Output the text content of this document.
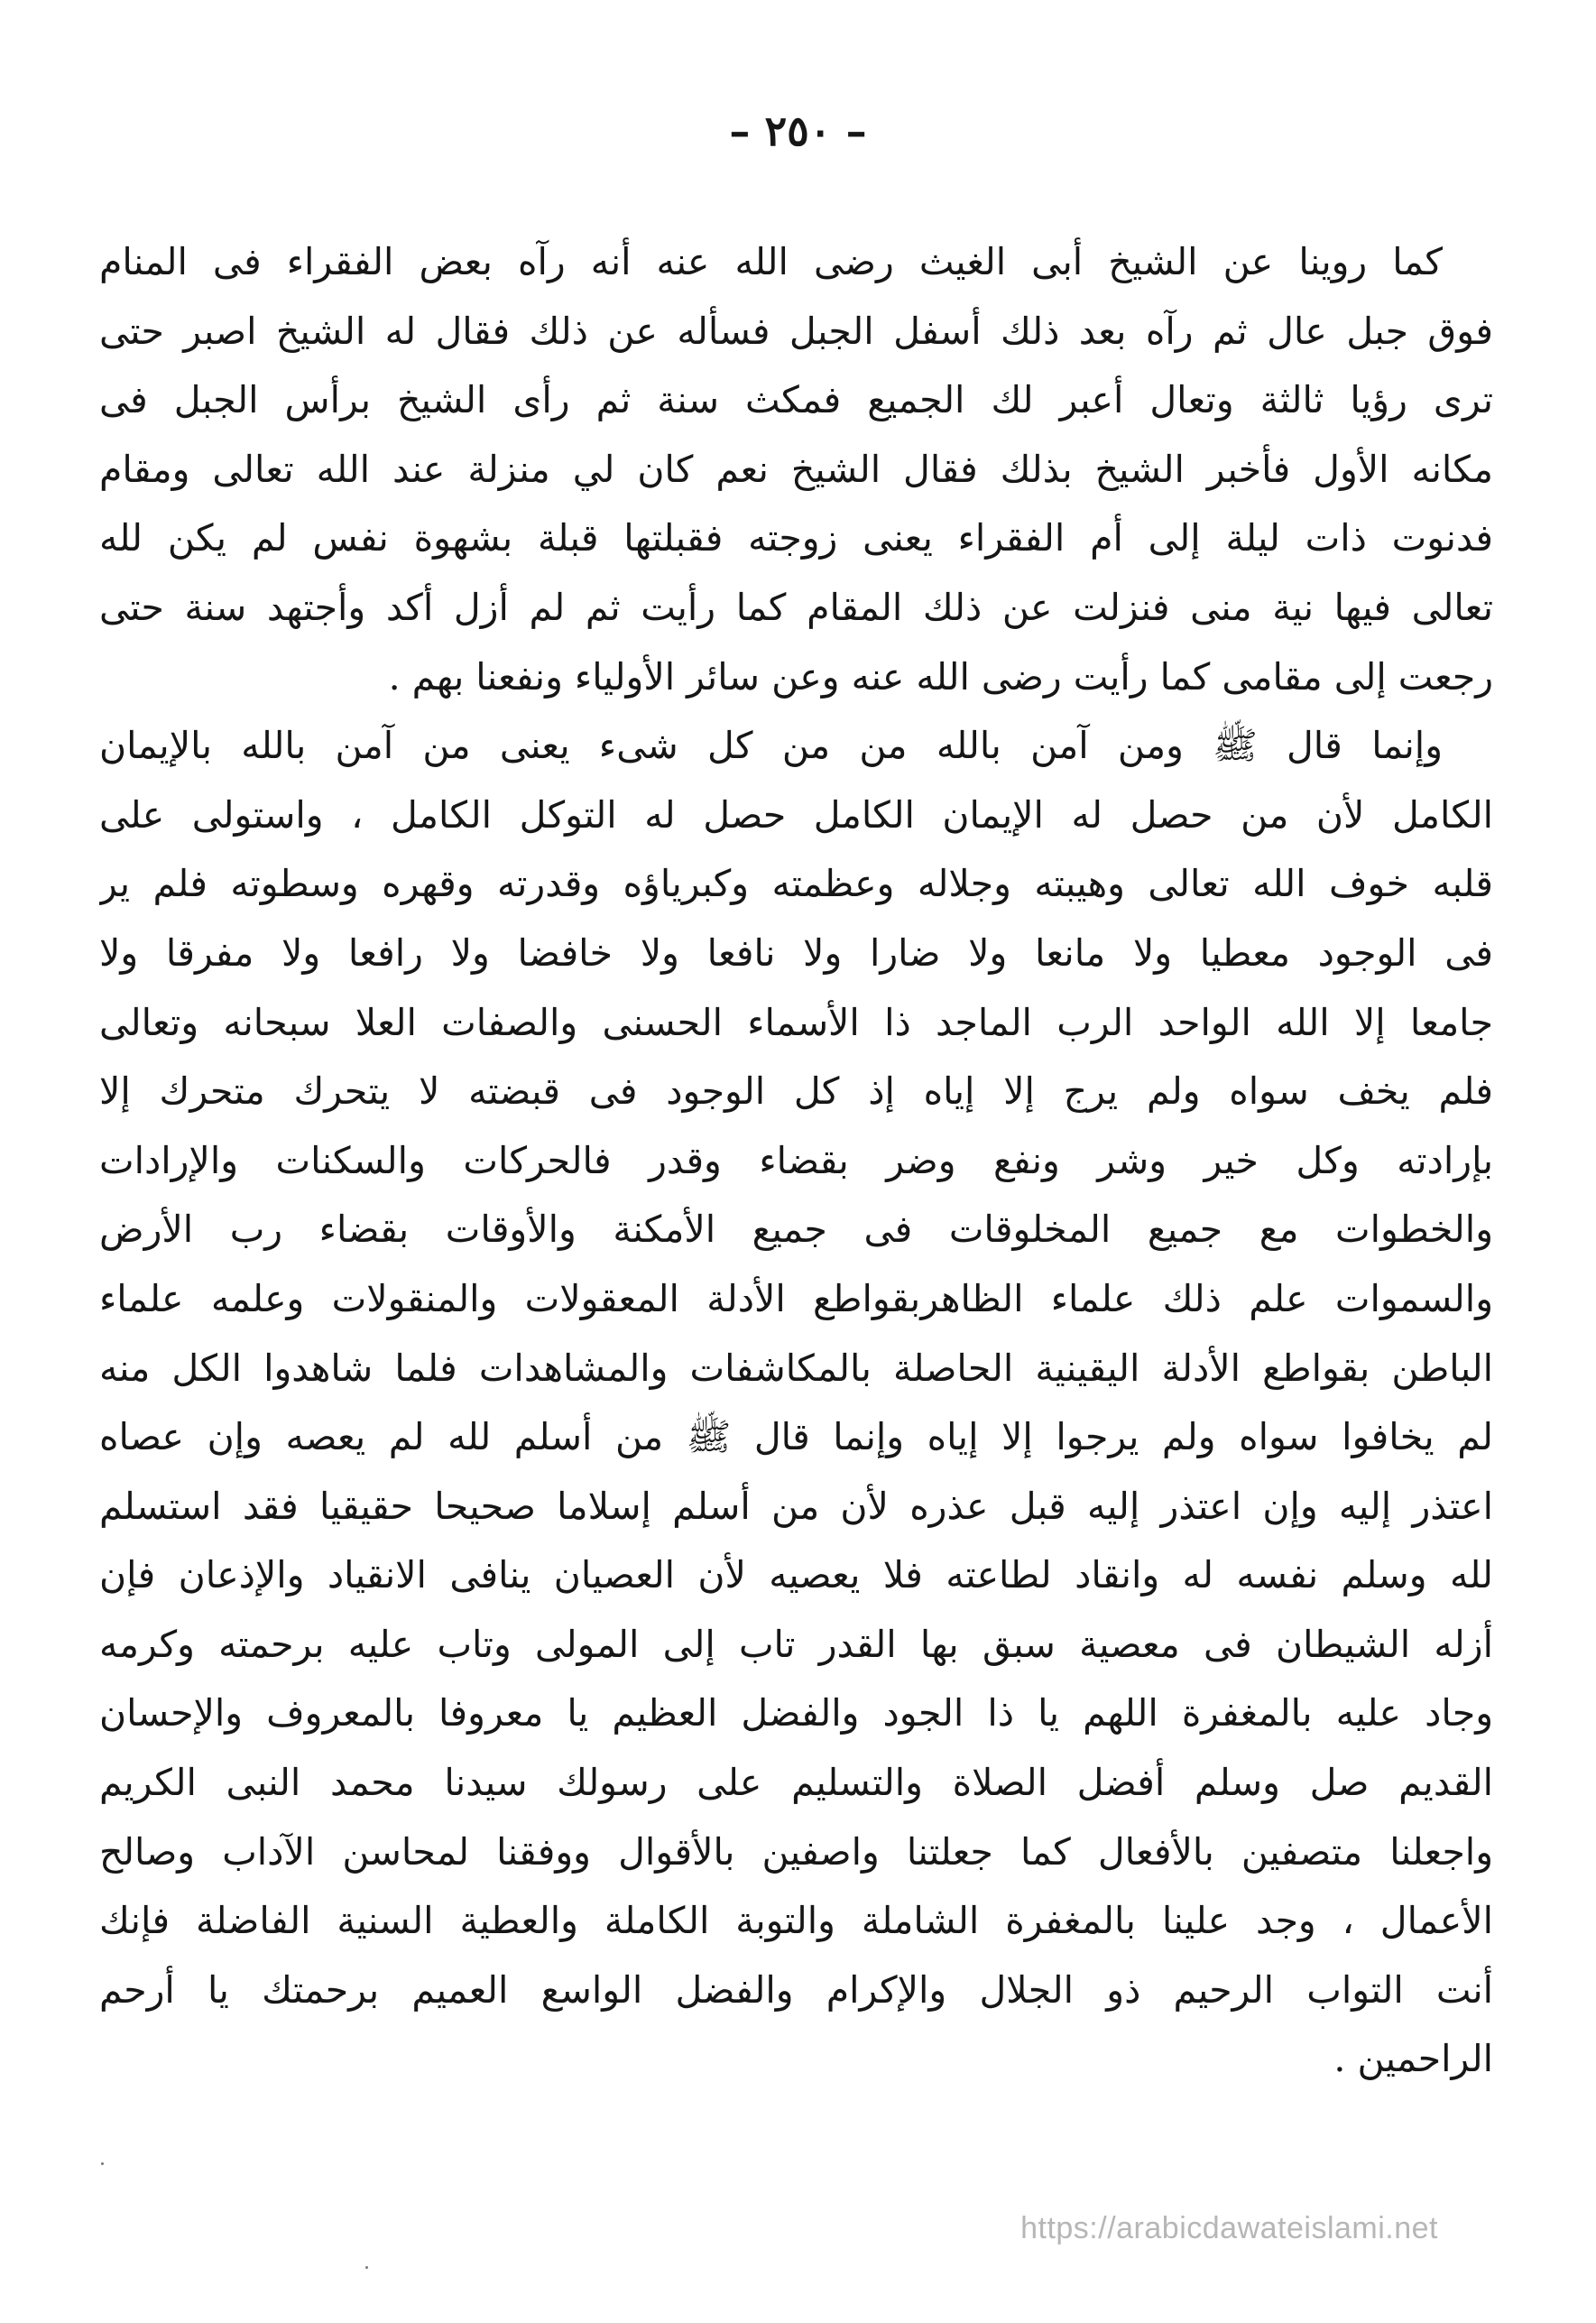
– ٢٥٠ –
كما روينا عن الشيخ أبى الغيث رضى الله عنه أنه رآه بعض الفقراء فى المنام
فوق جبل عال ثم رآه بعد ذلك أسفل الجبل فسأله عن ذلك فقال له الشيخ اصبر حتى
ترى رؤيا ثالثة وتعال أعبر لك الجميع فمكث سنة ثم رأى الشيخ برأس الجبل فى
مكانه الأول فأخبر الشيخ بذلك فقال الشيخ نعم كان لي منزلة عند الله تعالى ومقام
فدنوت ذات ليلة إلى أم الفقراء يعنى زوجته فقبلتها قبلة بشهوة نفس لم يكن لله
تعالى فيها نية منى فنزلت عن ذلك المقام كما رأيت ثم لم أزل أكد وأجتهد سنة حتى
رجعت إلى مقامى كما رأيت رضى الله عنه وعن سائر الأولياء ونفعنا بهم .
وإنما قال ﷺ ومن آمن بالله من من كل شىء يعنى من آمن بالله بالإيمان
الكامل لأن من حصل له الإيمان الكامل حصل له التوكل الكامل ، واستولى على
قلبه خوف الله تعالى وهيبته وجلاله وعظمته وكبرياؤه وقدرته وقهره وسطوته فلم ير
فى الوجود معطيا ولا مانعا ولا ضارا ولا نافعا ولا خافضا ولا رافعا ولا مفرقا ولا
جامعا إلا الله الواحد الرب الماجد ذا الأسماء الحسنى والصفات العلا سبحانه وتعالى
فلم يخف سواه ولم يرج إلا إياه إذ كل الوجود فى قبضته لا يتحرك متحرك إلا
بإرادته وكل خير وشر ونفع وضر بقضاء وقدر فالحركات والسكنات والإرادات
والخطوات مع جميع المخلوقات فى جميع الأمكنة والأوقات بقضاء رب الأرض
والسموات علم ذلك علماء الظاهربقواطع الأدلة المعقولات والمنقولات وعلمه علماء
الباطن بقواطع الأدلة اليقينية الحاصلة بالمكاشفات والمشاهدات فلما شاهدوا الكل منه
لم يخافوا سواه ولم يرجوا إلا إياه وإنما قال ﷺ من أسلم لله لم يعصه وإن عصاه
اعتذر إليه وإن اعتذر إليه قبل عذره لأن من أسلم إسلاما صحيحا حقيقيا فقد استسلم
لله وسلم نفسه له وانقاد لطاعته فلا يعصيه لأن العصيان ينافى الانقياد والإذعان فإن
أزله الشيطان فى معصية سبق بها القدر تاب إلى المولى وتاب عليه برحمته وكرمه
وجاد عليه بالمغفرة اللهم يا ذا الجود والفضل العظيم يا معروفا بالمعروف والإحسان
القديم صل وسلم أفضل الصلاة والتسليم على رسولك سيدنا محمد النبى الكريم
واجعلنا متصفين بالأفعال كما جعلتنا واصفين بالأقوال ووفقنا لمحاسن الآداب وصالح
الأعمال ، وجد علينا بالمغفرة الشاملة والتوبة الكاملة والعطية السنية الفاضلة فإنك
أنت التواب الرحيم ذو الجلال والإكرام والفضل الواسع العميم برحمتك يا أرحم
الراحمين .
https://arabicdawateislami.net
